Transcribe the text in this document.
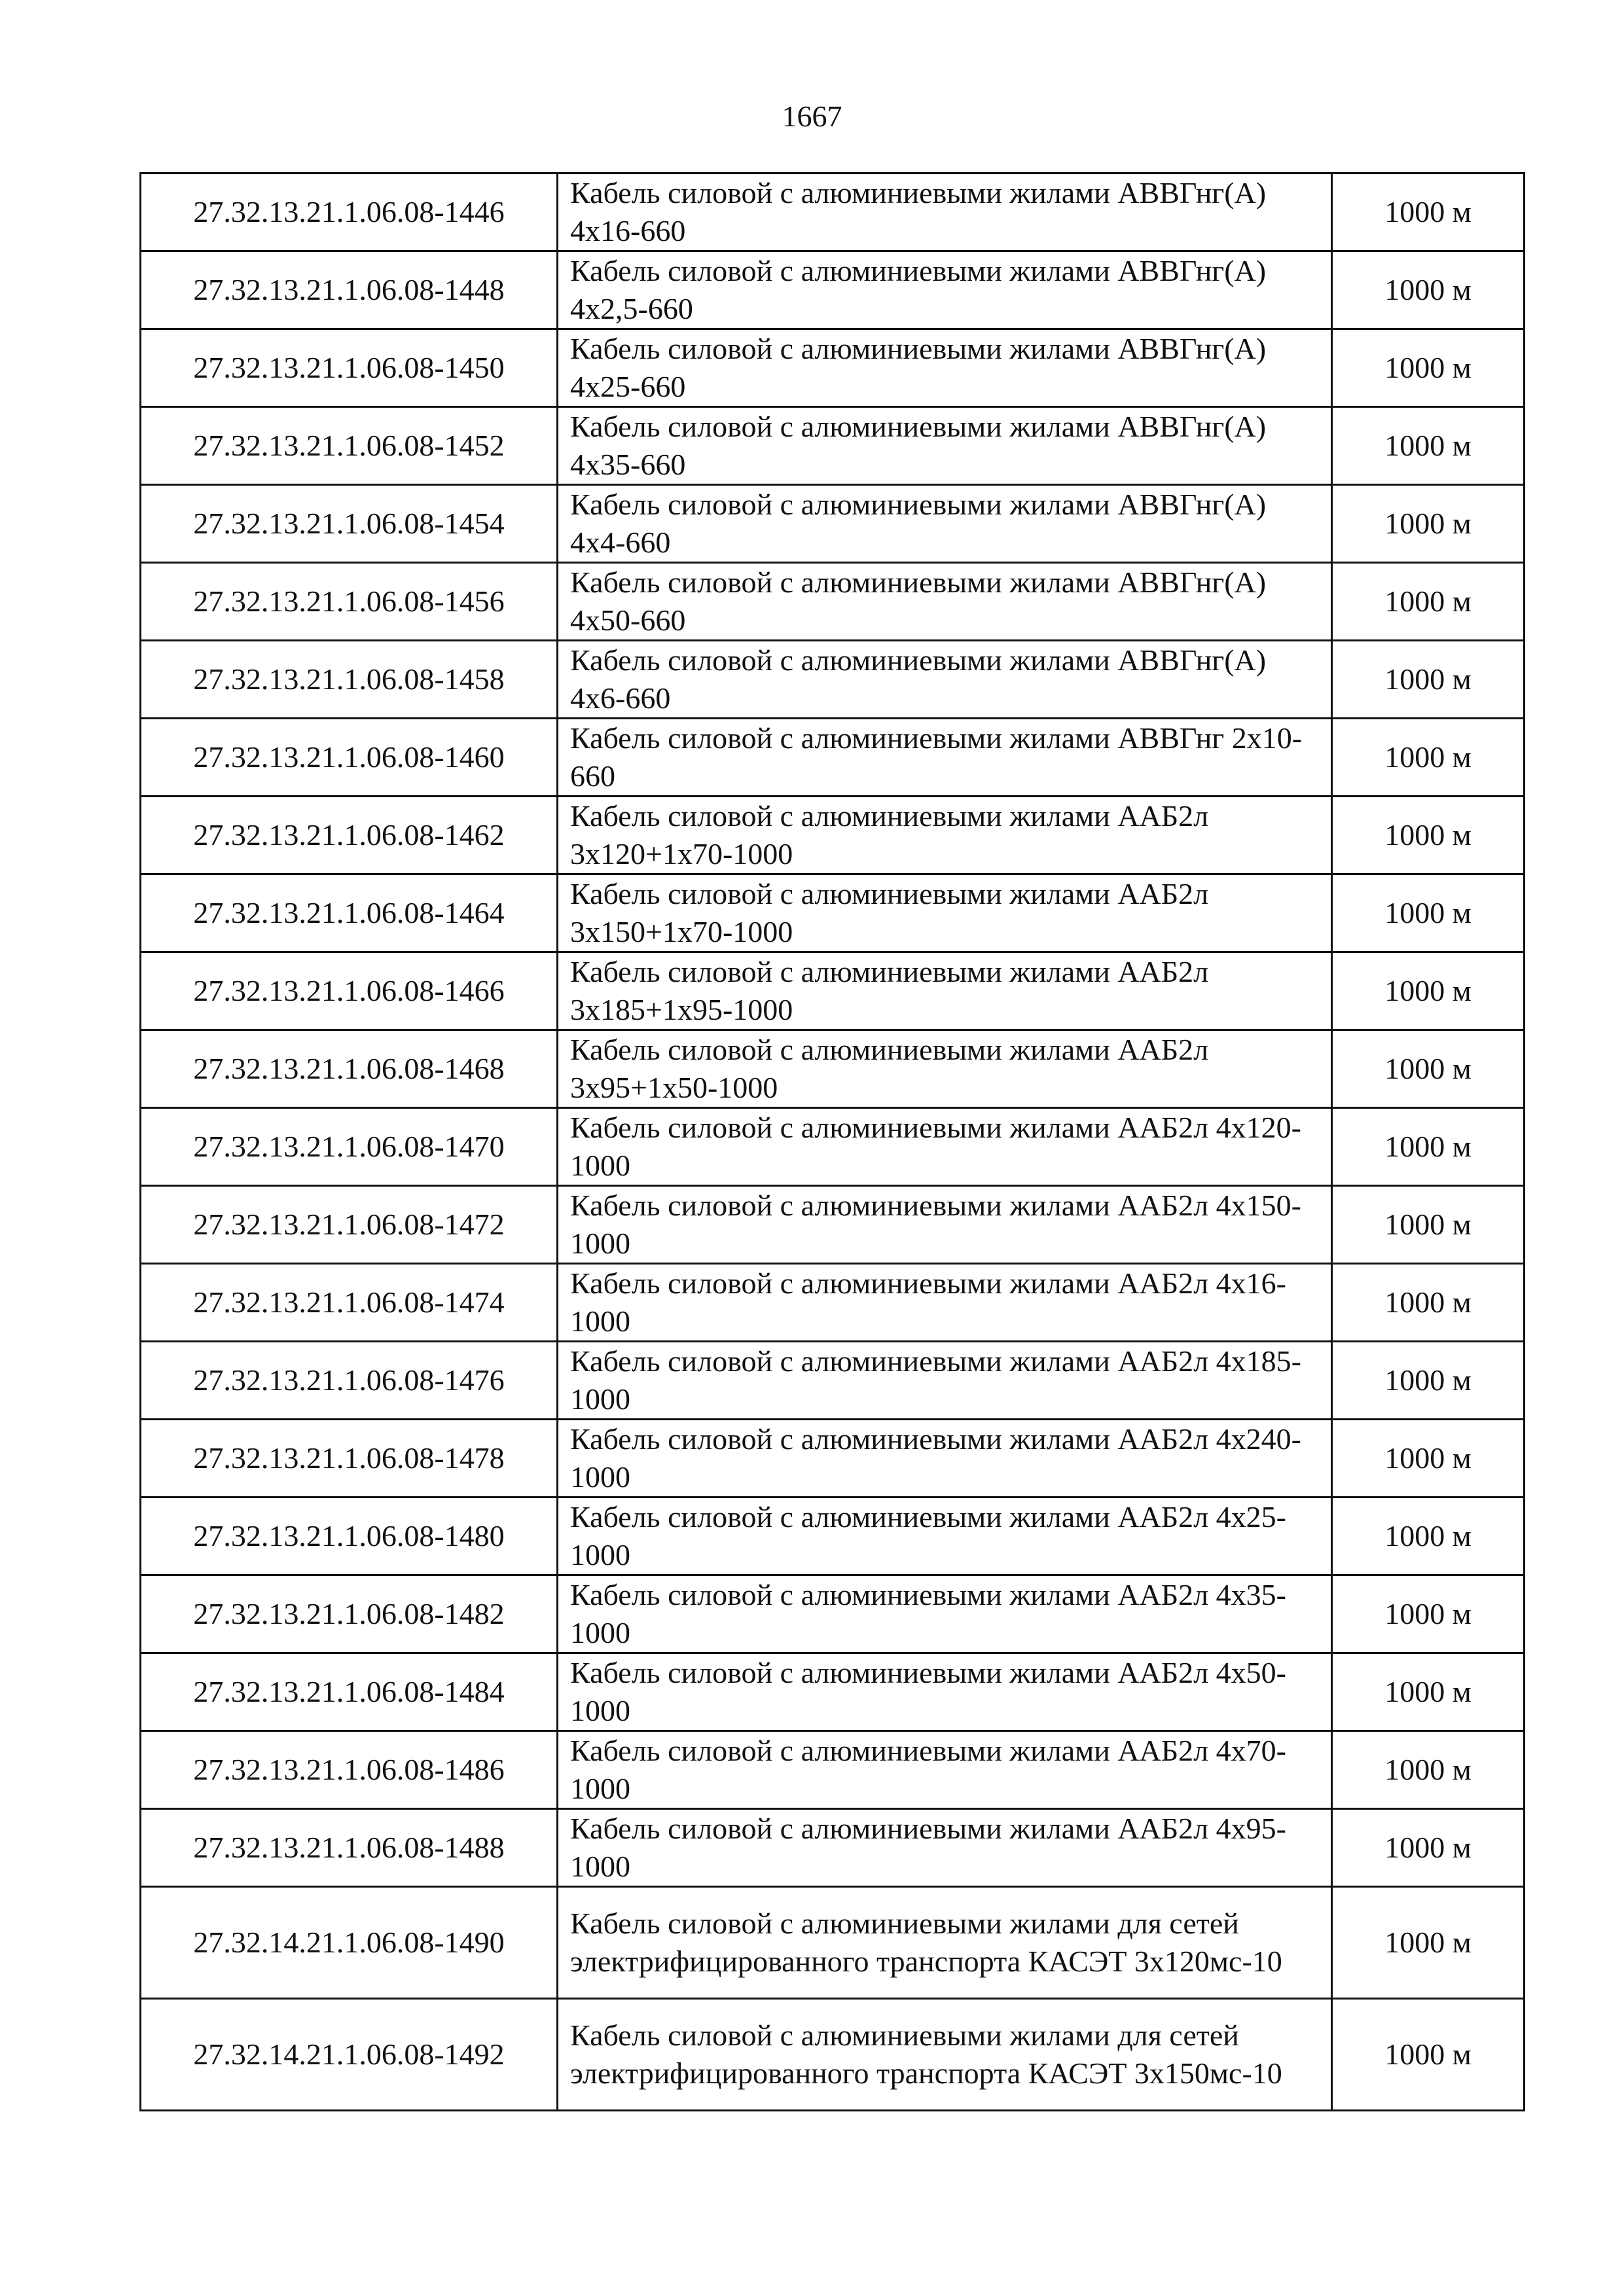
1667
27.32.13.21.1.06.08-1446	Кабель силовой с алюминиевыми жилами АВВГнг(А) 4х16-660	1000 м
27.32.13.21.1.06.08-1448	Кабель силовой с алюминиевыми жилами АВВГнг(А) 4х2,5-660	1000 м
27.32.13.21.1.06.08-1450	Кабель силовой с алюминиевыми жилами АВВГнг(А) 4х25-660	1000 м
27.32.13.21.1.06.08-1452	Кабель силовой с алюминиевыми жилами АВВГнг(А) 4х35-660	1000 м
27.32.13.21.1.06.08-1454	Кабель силовой с алюминиевыми жилами АВВГнг(А) 4х4-660	1000 м
27.32.13.21.1.06.08-1456	Кабель силовой с алюминиевыми жилами АВВГнг(А) 4х50-660	1000 м
27.32.13.21.1.06.08-1458	Кабель силовой с алюминиевыми жилами АВВГнг(А) 4х6-660	1000 м
27.32.13.21.1.06.08-1460	Кабель силовой с алюминиевыми жилами АВВГнг 2х10-660	1000 м
27.32.13.21.1.06.08-1462	Кабель силовой с алюминиевыми жилами ААБ2л 3х120+1х70-1000	1000 м
27.32.13.21.1.06.08-1464	Кабель силовой с алюминиевыми жилами ААБ2л 3х150+1х70-1000	1000 м
27.32.13.21.1.06.08-1466	Кабель силовой с алюминиевыми жилами ААБ2л 3х185+1х95-1000	1000 м
27.32.13.21.1.06.08-1468	Кабель силовой с алюминиевыми жилами ААБ2л 3х95+1х50-1000	1000 м
27.32.13.21.1.06.08-1470	Кабель силовой с алюминиевыми жилами ААБ2л 4х120-1000	1000 м
27.32.13.21.1.06.08-1472	Кабель силовой с алюминиевыми жилами ААБ2л 4х150-1000	1000 м
27.32.13.21.1.06.08-1474	Кабель силовой с алюминиевыми жилами ААБ2л 4х16-1000	1000 м
27.32.13.21.1.06.08-1476	Кабель силовой с алюминиевыми жилами ААБ2л 4х185-1000	1000 м
27.32.13.21.1.06.08-1478	Кабель силовой с алюминиевыми жилами ААБ2л 4х240-1000	1000 м
27.32.13.21.1.06.08-1480	Кабель силовой с алюминиевыми жилами ААБ2л 4х25-1000	1000 м
27.32.13.21.1.06.08-1482	Кабель силовой с алюминиевыми жилами ААБ2л 4х35-1000	1000 м
27.32.13.21.1.06.08-1484	Кабель силовой с алюминиевыми жилами ААБ2л 4х50-1000	1000 м
27.32.13.21.1.06.08-1486	Кабель силовой с алюминиевыми жилами ААБ2л 4х70-1000	1000 м
27.32.13.21.1.06.08-1488	Кабель силовой с алюминиевыми жилами ААБ2л 4х95-1000	1000 м
27.32.14.21.1.06.08-1490	Кабель силовой с алюминиевыми жилами для сетей электрифицированного транспорта КАСЭТ 3х120мс-10	1000 м
27.32.14.21.1.06.08-1492	Кабель силовой с алюминиевыми жилами для сетей электрифицированного транспорта КАСЭТ 3х150мс-10	1000 м
